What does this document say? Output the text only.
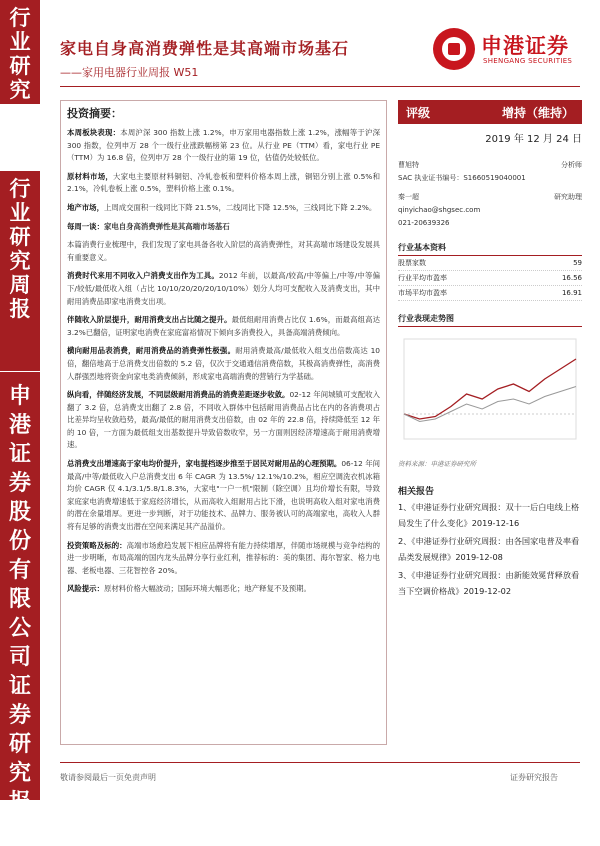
行
业
研
究
行
业
研
究
周
报
申
港
证
券
股
份
有
限
公
司
证
券
研
究
报
告
家电自身高消费弹性是其高端市场基石
——家用电器行业周报 W51
申港证券
SHENGANG SECURITIES
投资摘要：
本周板块表现：本周沪深 300 指数上涨 1.2%，申万家用电器指数上涨 1.2%，涨幅等于沪深 300 指数，位列申万 28 个一级行业涨跌幅榜第 23 位。从行业 PE（TTM）看，家电行业 PE（TTM）为 16.8 倍，位列申万 28 个一级行业的第 19 位，估值仍处较低位。
原材料市场，大家电主要原材料铜铝、冷轧卷板和塑料价格本周上涨，铜铝分别上涨 0.5%和 2.1%，冷轧卷板上涨 0.5%，塑料价格上涨 0.1%。
地产市场，上周成交面积一线同比下降 21.5%，二线同比下降 12.5%，三线同比下降 2.2%。
每周一谈：家电自身高消费弹性是其高端市场基石
本篇消费行业梳理中，我们发现了家电具备各收入阶层的高消费弹性，对其高端市场建设发展具有重要意义。
消费时代来用不同收入户消费支出作为工具。2012 年前，以最高/较高/中等偏上/中等/中等偏下/较低/最低收入组（占比 10/10/20/20/20/10/10%）划分人均可支配收入及消费支出，其中耐用消费品即家电消费支出项。
伴随收入阶层提升，耐用消费支出占比随之提升。最低组耐用消费占比仅 1.6%，而最高组高达 3.2%已翻倍，证明家电消费在家庭富裕情况下倾向多消费投入，具备高端消费倾向。
横向耐用品表消费，耐用消费品的消费弹性极强。耐用消费最高/最低收入组支出倍数高达 10 倍，翻倍地高于总消费支出倍数的 5.2 倍，仅次于交通通信消费倍数，其极高消费弹性，高消费人群强烈地将资金向家电类消费倾斜，形成家电高端消费的营销行为学基础。
纵向看，伴随经济发展，不同层级耐用消费品的消费差距逐步收敛。02-12 年间城镇可支配收入翻了 3.2 倍，总消费支出翻了 2.8 倍，不同收入群体中包括耐用消费品占比在内的各消费项占比差异均呈收敛趋势，最高/最低的耐用消费支出倍数，由 02 年的 22.8 倍，持续降低至 12 年的 10 倍，一方面为最低组支出基数提升导致倍数收窄，另一方面则因经济增速高于耐用消费增速。
总消费支出增速高于家电均价提升，家电提档逐步推至于居民对耐用品的心理预期。06-12 年间最高/中等/最低收入户总消费支出 6 年 CAGR 为 13.5%/ 12.1%/10.2%，相应空调洗衣机冰箱均价 CAGR 仅 4.1/3.1/5.8/1.8.3%，大家电"一户一机"限制（除空调）且均价增长有限，导致家庭家电消费增速低于家庭经济增长，从而高收入组耐用占比下滑，也说明高收入组对家电消费的潜在余量增厚。更进一步判断，对于功能技术、品牌力、服务被认可的高端家电，高收入人群将有足够的消费支出潜在空间来满足其产品溢价。
投资策略及标的：高端市场愈趋发展下相应品牌将有能力持续增厚，伴随市场规模与竞争结构的进一步明晰，布局高端的国内龙头品牌分享行业红利，推荐标的：美的集团、海尔智家、格力电器、老板电器、三花智控各 20%。
风险提示：原材料价格大幅波动；国际环境大幅恶化；地产释复不及预期。
评级	增持（维持）
2019 年 12 月 24 日
曹旭特	分析师
SAC 执业证书编号：S1660519040001
秦一超	研究助理
qinyichao@shgsec.com
021-20639326
行业基本资料
股票家数	59
行业平均市盈率	16.56
市场平均市盈率	16.91
行业表现走势图
资料来源：申港证券研究所
相关报告
1、《申港证券行业研究周报：双十一后白电线上格局发生了什么变化》2019-12-16
2、《申港证券行业研究周报：由各国家电普及率看品类发展规律》2019-12-08
3、《申港证券行业研究周报：由新能效冕背释放看当下空调价格战》2019-12-02
敬请参阅最后一页免责声明	证券研究报告
